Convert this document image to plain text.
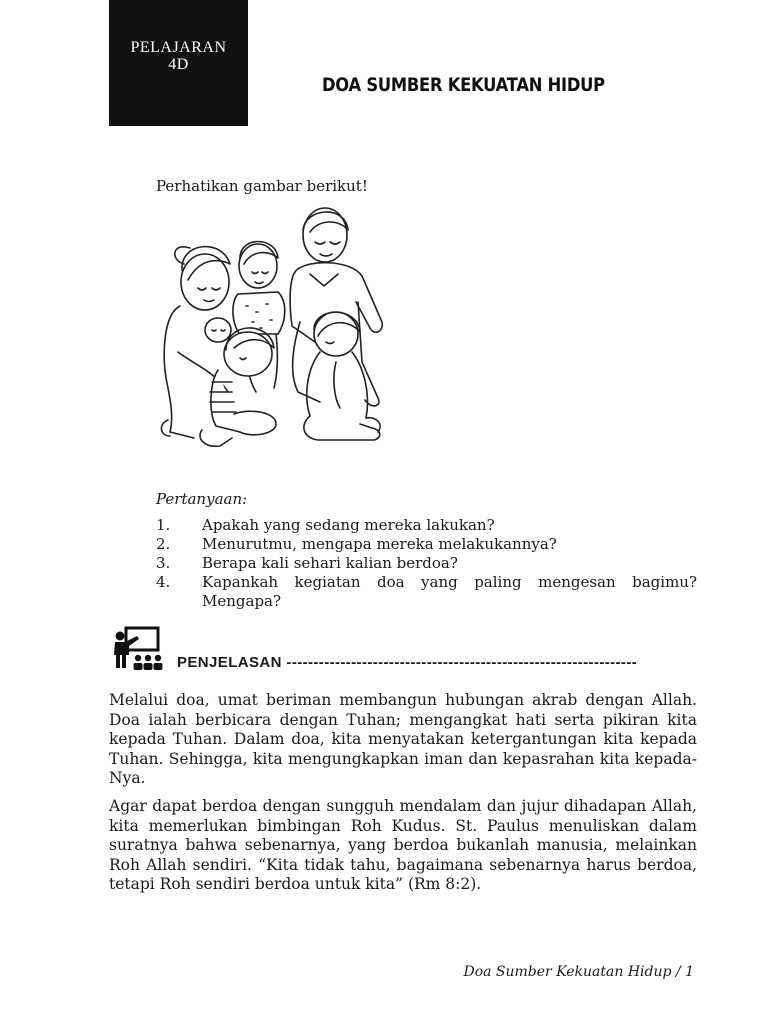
PELAJARAN
4D
DOA SUMBER KEKUATAN HIDUP
Perhatikan gambar berikut!
Pertanyaan:
1.	Apakah yang sedang mereka lakukan?
2.	Menurutmu, mengapa mereka melakukannya?
3.	Berapa kali sehari kalian berdoa?
4.	Kapankah kegiatan doa yang paling mengesan bagimu? Mengapa?
PENJELASAN -----------------------------------------------------------------

Melalui doa, umat beriman membangun hubungan akrab dengan Allah. Doa ialah berbicara dengan Tuhan; mengangkat hati serta pikiran kita kepada Tuhan. Dalam doa, kita menyatakan ketergantungan kita kepada Tuhan. Sehingga, kita mengungkapkan iman dan kepasrahan kita kepada-Nya.

Agar dapat berdoa dengan sungguh mendalam dan jujur dihadapan Allah, kita memerlukan bimbingan Roh Kudus. St. Paulus menuliskan dalam suratnya bahwa sebenarnya, yang berdoa bukanlah manusia, melainkan Roh Allah sendiri. “Kita tidak tahu, bagaimana sebenarnya harus berdoa, tetapi Roh sendiri berdoa untuk kita” (Rm 8:2).

Doa Sumber Kekuatan Hidup / 1
